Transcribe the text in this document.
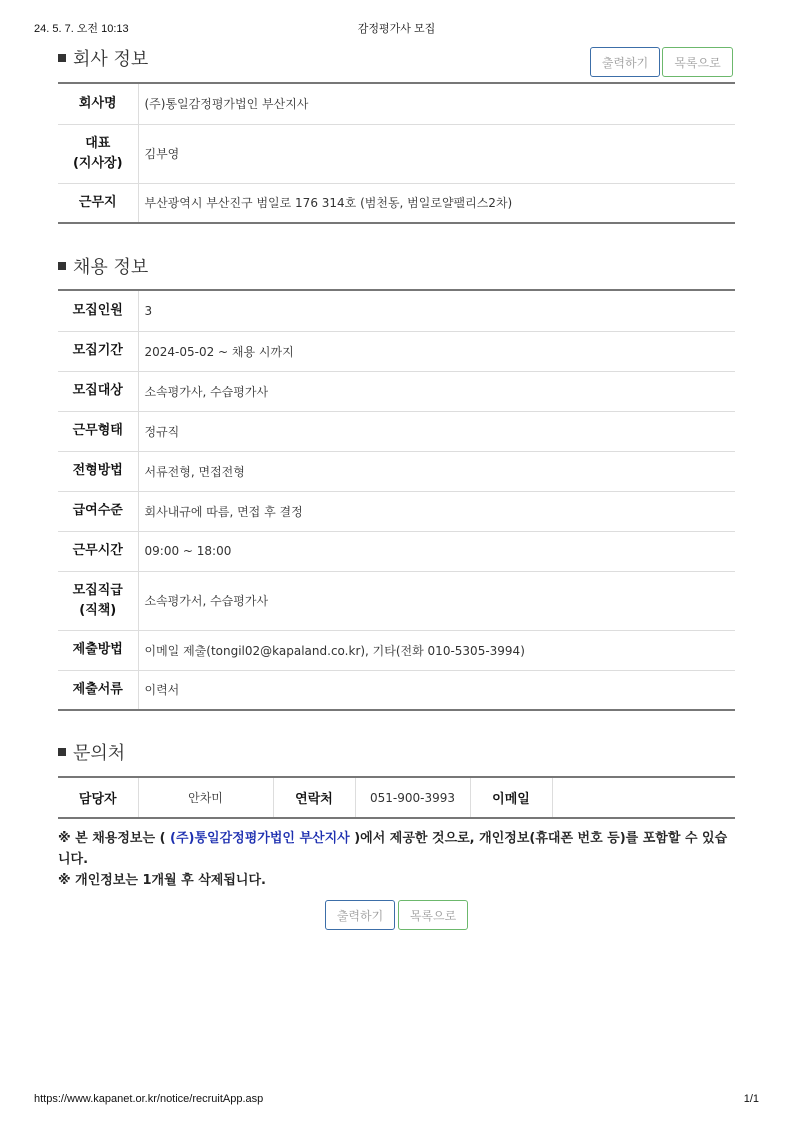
24. 5. 7. 오전 10:13	감정평가사 모집
회사 정보	출력하기	목록으로
회사명	(주)통일감정평가법인 부산지사
대표
(지사장)	김부영
근무지	부산광역시 부산진구 범일로 176 314호 (범천동, 범일로얄팰리스2차)
채용 정보
모집인원	3
모집기간	2024-05-02 ~ 채용 시까지
모집대상	소속평가사, 수습평가사
근무형태	정규직
전형방법	서류전형, 면접전형
급여수준	회사내규에 따름, 면접 후 결정
근무시간	09:00 ~ 18:00
모집직급
(직책)	소속평가서, 수습평가사
제출방법	이메일 제출(tongil02@kapaland.co.kr), 기타(전화 010-5305-3994)
제출서류	이력서
문의처
담당자	안차미	연락처	051-900-3993	이메일	
※ 본 채용정보는 ( (주)통일감정평가법인 부산지사 )에서 제공한 것으로, 개인정보(휴대폰 번호 등)를 포함할 수 있습니다.
※ 개인정보는 1개월 후 삭제됩니다.
출력하기	목록으로
https://www.kapanet.or.kr/notice/recruitApp.asp	1/1
